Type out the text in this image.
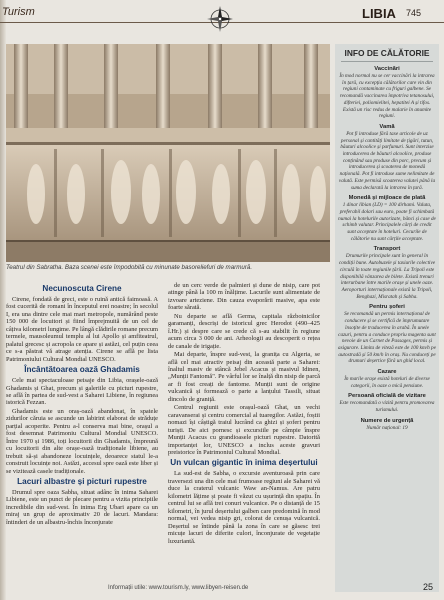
Turism	LIBIA 745
Teatrul din Sabratha. Baza scenei este împodobită cu minunate basoreliefuri de marmură.
INFO DE CĂLĂTORIE
Vaccinări
În mod normal nu se cer vaccinări la intrarea în țară, cu excepția călătorilor care vin din regiuni contaminate cu friguri galbene. Se recomandă vaccinarea împotriva tetanosului, difteriei, poliomielitei, hepatitei A și tifos. Există un risc redus de malarie în anumite regiuni.
Vamă
Pot fi introduse fără taxe articole de uz personal și cantități limitate de țigări, tutun, băuturi alcoolice și parfumuri. Sunt interzise introducerea de băuturi alcoolice, produse conținând sau produse din porc, precum și introducerea și scoaterea de monedă națională. Pot fi introduse sume nelimitate de valută. Este permisă scoaterea valutei până la suma declarată la intrarea în țară.
Monedă și mijloace de plată
1 dinar libian (LD) = 100 dirhami. Valuta, preferabil dolari sau euro, poate fi schimbată numai la hotelurile autorizate, bănci și case de schimb valutar. Principalele cărți de credit sunt acceptate în hoteluri. Cecurile de călătorie nu sunt cărțile acceptate.
Transport
Drumurile principale sunt în general în condiții bune. Autobuzele și taxiurile colective circulă în toate regiunile țării. La Tripoli este disponibilă vânzarea de bilete. Există trenuri interurbane între marile orașe și unele oaze. Aeroporturi internaționale există la Tripoli, Benghazi, Misratah și Sabha.
Pentru șoferi
Se recomandă un permis internațional de conducere și se certifică de împrumutare însoțite de traducerea în arabă. În unele cazuri, pentru a conduce propriu magenta sunt nevoie de un Carnet de Passages, permis și asigurare. Limita de viteză este de 100 km/h pe autostradă și 50 km/h în oraș. Nu conduceți pe drumuri deșertice fără un ghid local.
Cazare
În marile orașe există hoteluri de diverse categorii, în oaze o mică pensiune.
Persoană oficială de vizitare
Este recomandată o vizită pentru promovarea turismului.
Numere de urgență
Număr național: 19
Necunoscuta Cirene

Cirene, fondată de greci, este o ruină antică faimoasă. A fost cucerită de romani în începutul erei noastre; în secolul I, era una dintre cele mai mari metropole, numărând peste 150 000 de locuitori și fiind împrejmuită de un cel de câțiva kilometri lungime. Pe lângă clădirile romane precum termele, mausoleumul templu al lui Apollo și amfiteatrul, palatul grecesc și acropola ce apare și astăzi, cel puțin ceea ce s-a păstrat vă atrage atenția. Cirene se află pe lista Patrimoniului Cultural Mondial UNESCO.

Încântătoarea oază Ghadamis

Cele mai spectaculoase peisaje din Libia, orașele-oază Ghadamis și Ghat, precum și galeriile cu picturi rupestre, se află în partea de sud-vest a Saharei Libiene, în regiunea istorică Fezzan.

Ghadamis este un oraș-oază abandonat, în spatele zidurilor căruia se ascunde un labirint elaborat de străduțe parțial acoperite. Pentru a-l conserva mai bine, orașul a fost desemnat Patrimoniu Cultural Mondial UNESCO. Între 1970 și 1986, toți locuitorii din Ghadamis, împreună cu locuitorii din alte orașe-oază tradiționale libiene, au trebuit să-și abandoneze locuințele, deoarece statul le-a construit locuințe noi. Astăzi, accesul spre oază este liber și se vizitează casele tradiționale.

Lacuri albastre și picturi rupestre

Drumul spre oaza Sabha, situat adânc în inima Saharei Libiene, este un punct de plecare pentru a vizita principiile incredibile din sud-vest. În inima Erg Ubari apare ca un miraj un grup de aproximativ 20 de lacuri. Mandara: întinderi de un albastru-închis înconjurate

de un cerc verde de palmieri și dune de nisip, care pot atinge până la 100 m înălțime. Lacurile sunt alimentate de izvoare arteziene. Din cauza evaporării masive, apa este foarte sărată.

Nu departe se află Germa, capitala războinicilor garamanți, descriși de istoricul grec Herodot (490–425 î.Hr.) și despre care se crede că s-au stabilit în regiune acum circa 3 000 de ani. Arheologii au descoperit o rețea de canale de irigație.

Mai departe, înspre sud-vest, la granița cu Algeria, se află cel mai atractiv peisaj din această parte a Saharei: înaltul masiv de stâncă Jebel Acacus și masivul Idinen, „Munții Fantomă". Pe vârful lor se înalță din nisip de parcă ar fi fost creați de fantome. Munții sunt de origine vulcanică și formează o parte a lanțului Tassili, situat dincolo de graniță.

Centrul regiunii este orașul-oază Ghat, un vechi caravanserai și centru comercial al tuaregilor. Astăzi, foștii nomazi își câștigă traiul lucrând ca ghizi și șoferi pentru turiști. De aici pornesc și excursiile pe câmpie înspre Munții Acacus cu grandioasele picturi rupestre. Datorită importanței lor, UNESCO a inclus aceste gravuri preistorice în Patrimoniul Cultural Mondial.

Un vulcan gigantic în inima deșertului

La sud-est de Sabha, o excursie aventuroasă prin care traversezi una din cele mai frumoase regiuni ale Saharei vă duce la craterul vulcanic Waw an-Namus. Are patru kilometri lățime și poate fi văzut cu ușurință din spațiu. În centrul lui se află trei conuri vulcanice. Pe o distanță de 15 kilometri, în jurul deșertului galben care predomină în mod normal, vei vedea nisip gri, colorat de cenușa vulcanică. Deșertul se întinde până la zona în care se găsesc trei micuțe lacuri de diferite culori, înconjurate de vegetație luxuriantă.

Informații utile: www.tourism.ly, www.libyen-reisen.de	25
